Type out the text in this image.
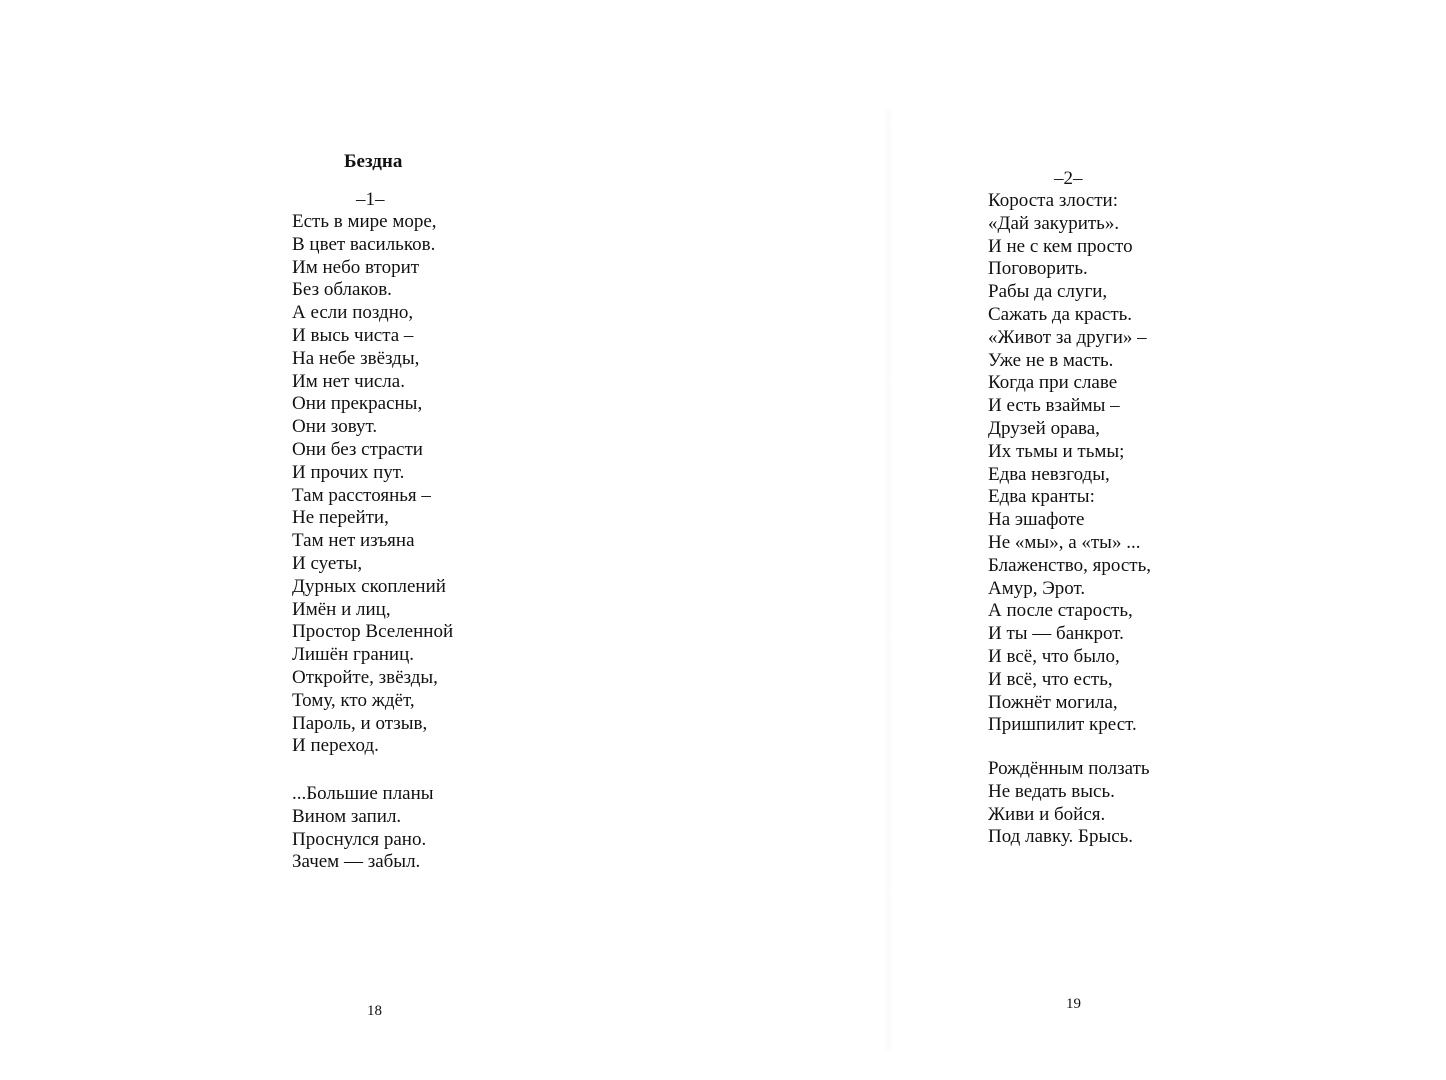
Бездна

–1–

Есть в мире море,
В цвет васильков.
Им небо вторит
Без облаков.
А если поздно,
И высь чиста –
На небе звёзды,
Им нет числа.
Они прекрасны,
Они зовут.
Они без страсти
И прочих пут.
Там расстоянья –
Не перейти,
Там нет изъяна
И суеты,
Дурных скоплений
Имён и лиц,
Простор Вселенной
Лишён границ.
Откройте, звёзды,
Тому, кто ждёт,
Пароль, и отзыв,
И переход.
...Большие планы
Вином запил.
Проснулся рано.
Зачем — забыл.

18

–2–

Короста злости:
«Дай закурить».
И не с кем просто
Поговорить.
Рабы да слуги,
Сажать да красть.
«Живот за други» –
Уже не в масть.
Когда при славе
И есть взаймы –
Друзей орава,
Их тьмы и тьмы;
Едва невзгоды,
Едва кранты:
На эшафоте
Не «мы», а «ты» ...
Блаженство, ярость,
Амур, Эрот.
А после старость,
И ты — банкрот.
И всё, что было,
И всё, что есть,
Пожнёт могила,
Пришпилит крест.
Рождённым ползать
Не ведать высь.
Живи и бойся.
Под лавку. Брысь.

19
